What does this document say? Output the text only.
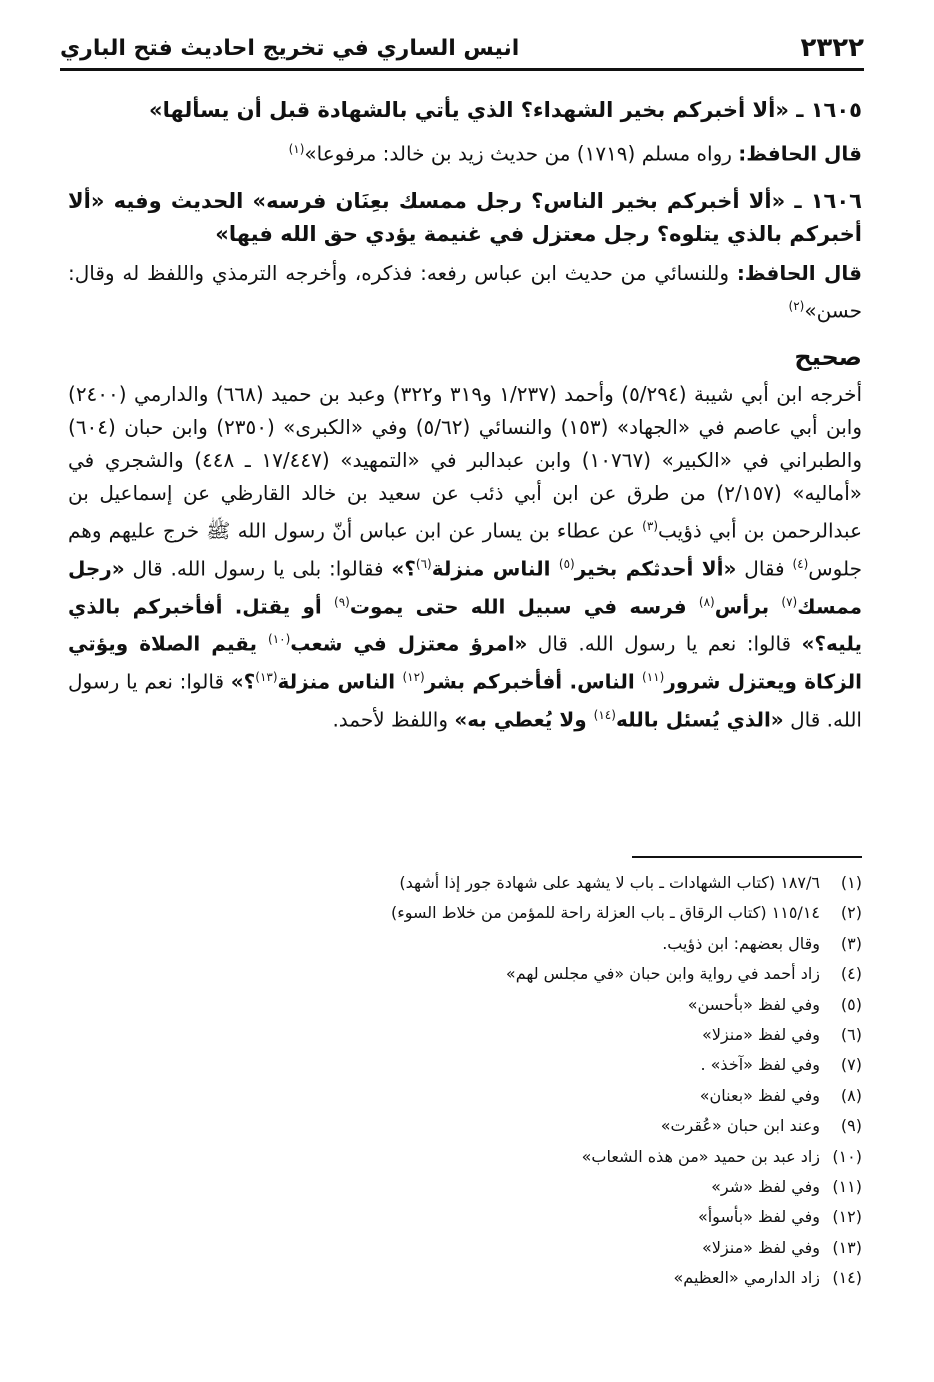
٢٣٢٢
انيس الساري في تخريج احاديث فتح الباري

١٦٠٥ ـ «ألا أخبركم بخير الشهداء؟ الذي يأتي بالشهادة قبل أن يسألها»

قال الحافظ: رواه مسلم (١٧١٩) من حديث زيد بن خالد: مرفوعا»$^{(١)}$

١٦٠٦ ـ «ألا أخبركم بخير الناس؟ رجل ممسك بعِنَان فرسه» الحديث وفيه «ألا أخبركم بالذي يتلوه؟ رجل معتزل في غنيمة يؤدي حق الله فيها»

قال الحافظ: وللنسائي من حديث ابن عباس رفعه: فذكره، وأخرجه الترمذي واللفظ له وقال: حسن»$^{(٢)}$

صحيح

أخرجه ابن أبي شيبة (٥/٢٩٤) وأحمد (١/٢٣٧ و٣١٩ و٣٢٢) وعبد بن حميد (٦٦٨) والدارمي (٢٤٠٠) وابن أبي عاصم في «الجهاد» (١٥٣) والنسائي (٥/٦٢) وفي «الكبرى» (٢٣٥٠) وابن حبان (٦٠٤) والطبراني في «الكبير» (١٠٧٦٧) وابن عبدالبر في «التمهيد» (١٧/٤٤٧ ـ ٤٤٨) والشجري في «أماليه» (٢/١٥٧) من طرق عن ابن أبي ذئب عن سعيد بن خالد القارظي عن إسماعيل بن عبدالرحمن بن أبي ذؤيب$^{(٣)}$ عن عطاء بن يسار عن ابن عباس أنّ رسول الله ﷺ خرج عليهم وهم جلوس$^{(٤)}$ فقال «ألا أحدثكم بخير$^{(٥)}$ الناس منزلة$^{(٦)}$؟» فقالوا: بلى يا رسول الله. قال «رجل ممسك$^{(٧)}$ برأس$^{(٨)}$ فرسه في سبيل الله حتى يموت$^{(٩)}$ أو يقتل. أفأخبركم بالذي يليه؟» قالوا: نعم يا رسول الله. قال «امرؤ معتزل في شعب$^{(١٠)}$ يقيم الصلاة ويؤتي الزكاة ويعتزل شرور$^{(١١)}$ الناس. أفأخبركم بشر$^{(١٢)}$ الناس منزلة$^{(١٣)}$؟» قالوا: نعم يا رسول الله. قال «الذي يُسئل بالله$^{(١٤)}$ ولا يُعطي به» واللفظ لأحمد.

(١)١٨٧/٦ (كتاب الشهادات ـ باب لا يشهد على شهادة جور إذا أشهد)
(٢)١١٥/١٤ (كتاب الرقاق ـ باب العزلة راحة للمؤمن من خلاط السوء)
(٣)وقال بعضهم: ابن ذؤيب.
(٤)زاد أحمد في رواية وابن حبان «في مجلس لهم»
(٥)وفي لفظ «بأحسن»
(٦)وفي لفظ «منزلا»
(٧)وفي لفظ «آخذ» .
(٨)وفي لفظ «بعنان»
(٩)وعند ابن حبان «عُقرت»
(١٠)زاد عبد بن حميد «من هذه الشعاب»
(١١)وفي لفظ «شر»
(١٢)وفي لفظ «بأسوأ»
(١٣)وفي لفظ «منزلا»
(١٤)زاد الدارمي «العظيم»
